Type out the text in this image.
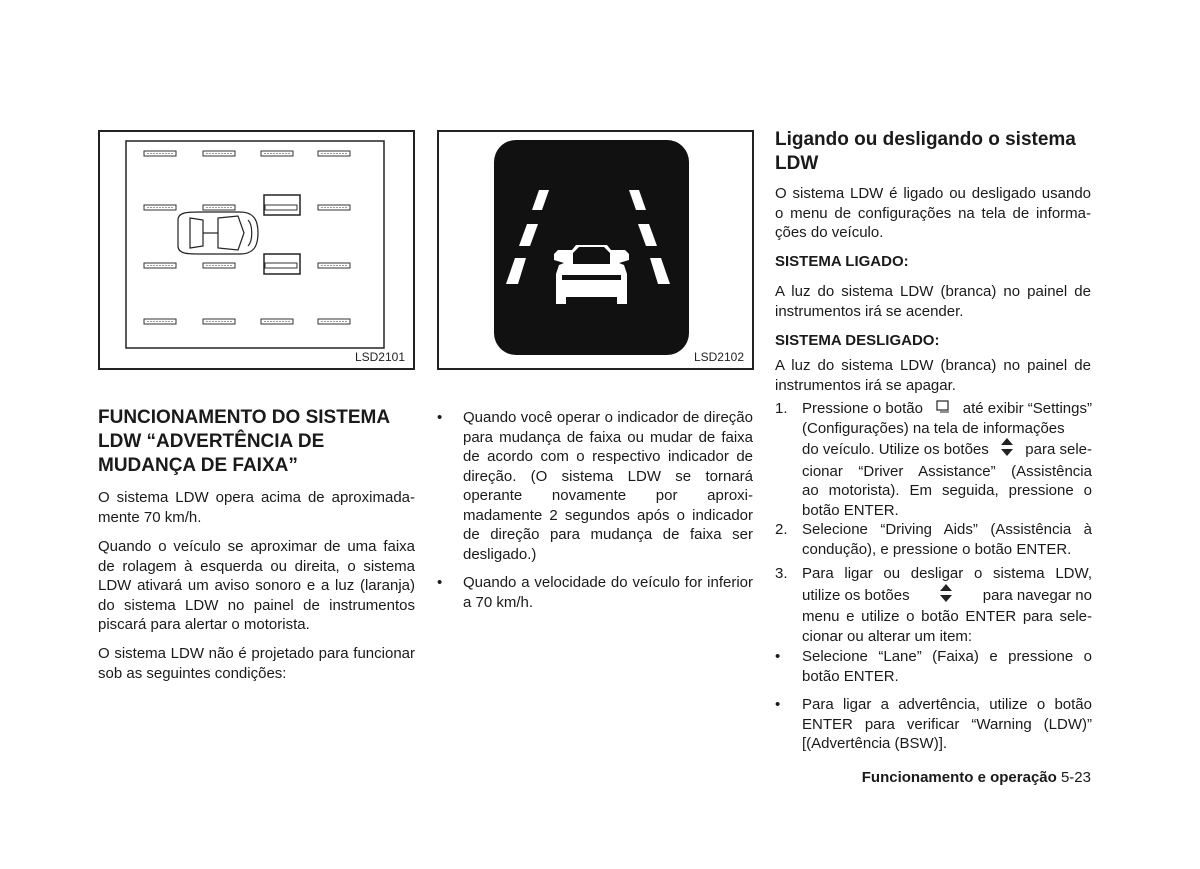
LSD2101	LSD2102
FUNCIONAMENTO DO SISTEMA
LDW “ADVERTÊNCIA DE
MUDANÇA DE FAIXA”
O sistema LDW opera acima de aproximada-mente 70 km/h.
Quando o veículo se aproximar de uma faixa de rolagem à esquerda ou direita, o sistema LDW ativará um aviso sonoro e a luz (laranja) do sistema LDW no painel de instrumentos piscará para alertar o motorista.
O sistema LDW não é projetado para funcionar sob as seguintes condições:
• Quando você operar o indicador de direção para mudança de faixa ou mudar de faixa de acordo com o respectivo indicador de direção. (O sistema LDW se tornará operante novamente por aproxi-madamente 2 segundos após o indicador de direção para mudança de faixa ser desligado.)
• Quando a velocidade do veículo for inferior a 70 km/h.
Ligando ou desligando o sistema
LDW
O sistema LDW é ligado ou desligado usando o menu de configurações na tela de informa-ções do veículo.
SISTEMA LIGADO:
A luz do sistema LDW (branca) no painel de instrumentos irá se acender.
SISTEMA DESLIGADO:
A luz do sistema LDW (branca) no painel de instrumentos irá se apagar.
1. Pressione o botão	até exibir “Settings”
(Configurações) na tela de informações
do veículo. Utilize os botões para sele-
cionar “Driver Assistance” (Assistência
ao motorista). Em seguida, pressione o
botão ENTER.
2. Selecione “Driving Aids” (Assistência à condução), e pressione o botão ENTER.
3. Para ligar ou desligar o sistema LDW,
utilize os botões	para navegar no
menu e utilize o botão ENTER para sele-
cionar ou alterar um item:
• Selecione “Lane” (Faixa) e pressione o botão ENTER.
• Para ligar a advertência, utilize o botão ENTER para verificar “Warning (LDW)” [(Advertência (BSW)].
Funcionamento e operação 5-23
